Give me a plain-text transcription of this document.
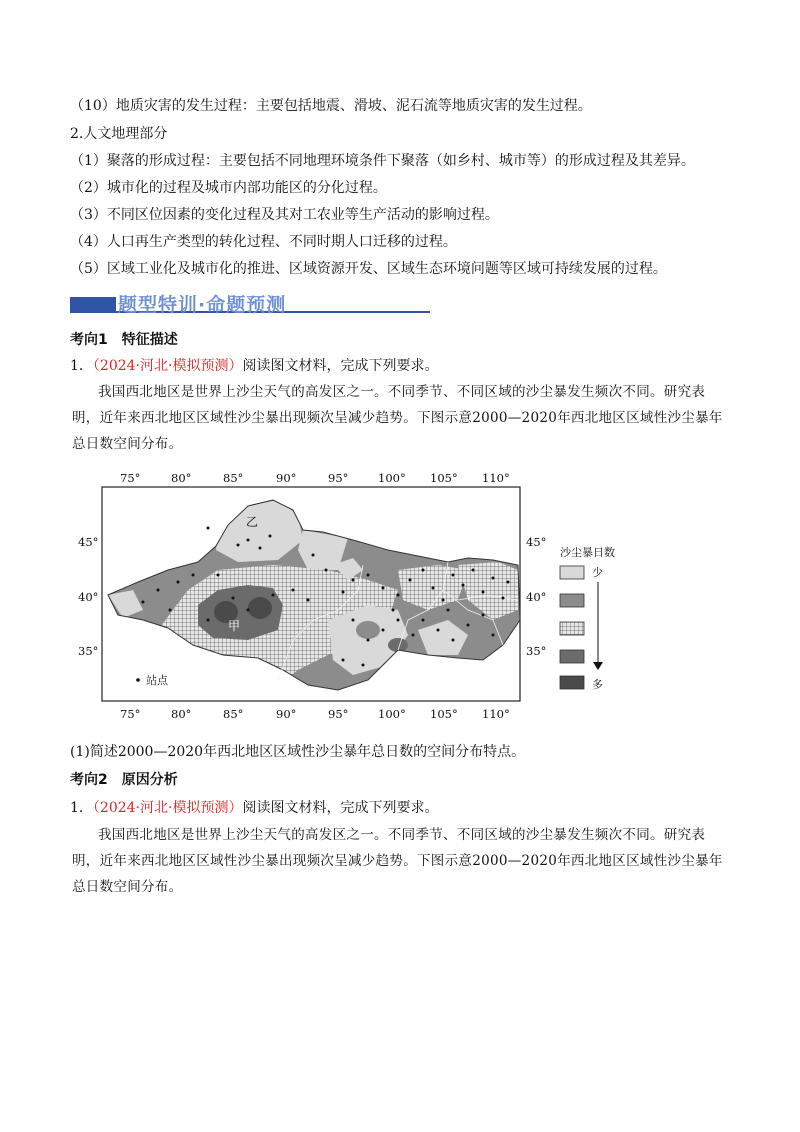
（10）地质灾害的发生过程：主要包括地震、滑坡、泥石流等地质灾害的发生过程。
2.人文地理部分
（1）聚落的形成过程：主要包括不同地理环境条件下聚落（如乡村、城市等）的形成过程及其差异。
（2）城市化的过程及城市内部功能区的分化过程。
（3）不同区位因素的变化过程及其对工农业等生产活动的影响过程。
（4）人口再生产类型的转化过程、不同时期人口迁移的过程。
（5）区域工业化及城市化的推进、区域资源开发、区域生态环境问题等区域可持续发展的过程。
题型特训·命题预测
考向1　特征描述
1．（2024·河北·模拟预测）阅读图文材料，完成下列要求。
我国西北地区是世界上沙尘天气的高发区之一。不同季节、不同区域的沙尘暴发生频次不同。研究表明，近年来西北地区区域性沙尘暴出现频次呈减少趋势。下图示意2000—2020年西北地区区域性沙尘暴年总日数空间分布。
75°	80°	85°	90°	95°	100° 105° 110°
乙
甲
站点
45°
40°
35°
45°
40°
35°
75°	80°	85°	90°	95°	100° 105° 110°
沙尘暴日数
少
多
(1)简述2000—2020年西北地区区域性沙尘暴年总日数的空间分布特点。
考向2　原因分析
1．（2024·河北·模拟预测）阅读图文材料，完成下列要求。
我国西北地区是世界上沙尘天气的高发区之一。不同季节、不同区域的沙尘暴发生频次不同。研究表明，近年来西北地区区域性沙尘暴出现频次呈减少趋势。下图示意2000—2020年西北地区区域性沙尘暴年总日数空间分布。
